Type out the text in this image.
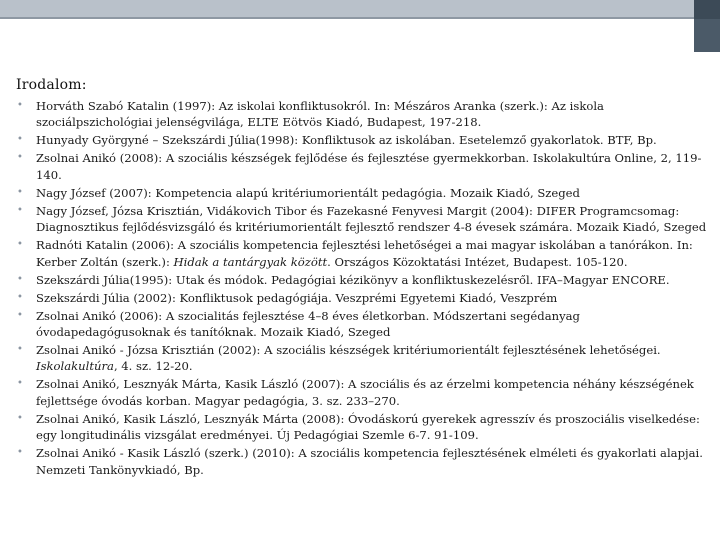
Irodalom:
• Horváth Szabó Katalin (1997): Az iskolai konfliktusokról. In: Mészáros Aranka (szerk.): Az iskola szociálpszichológiai jelenségvilága, ELTE Eötvös Kiadó, Budapest, 197-218.
• Hunyady Györgyné – Szekszárdi Júlia(1998): Konfliktusok az iskolában. Esetelemző gyakorlatok. BTF, Bp.
• Zsolnai Anikó (2008): A szociális készségek fejlődése és fejlesztése gyermekkorban. Iskolakultúra Online, 2, 119-140.
• Nagy József (2007): Kompetencia alapú kritériumorientált pedagógia. Mozaik Kiadó, Szeged
• Nagy József, Józsa Krisztián, Vidákovich Tibor és Fazekasné Fenyvesi Margit (2004): DIFER Programcsomag: Diagnosztikus fejlődésvizsgáló és kritériumorientált fejlesztő rendszer 4-8 évesek számára. Mozaik Kiadó, Szeged
• Radnóti Katalin (2006): A szociális kompetencia fejlesztési lehetőségei a mai magyar iskolában a tanórákon. In: Kerber Zoltán (szerk.): Hidak a tantárgyak között. Országos Közoktatási Intézet, Budapest. 105-120.
• Szekszárdi Júlia(1995): Utak és módok. Pedagógiai kézikönyv a konfliktuskezelésről. IFA–Magyar ENCORE.
• Szekszárdi Júlia (2002): Konfliktusok pedagógiája. Veszprémi Egyetemi Kiadó, Veszprém
• Zsolnai Anikó (2006): A szocialitás fejlesztése 4–8 éves életkorban. Módszertani segédanyag óvodapedagógusoknak és tanítóknak. Mozaik Kiadó, Szeged
• Zsolnai Anikó - Józsa Krisztián (2002): A szociális készségek kritériumorientált fejlesztésének lehetőségei. Iskolakultúra, 4. sz. 12-20.
• Zsolnai Anikó, Lesznyák Márta, Kasik László (2007): A szociális és az érzelmi kompetencia néhány készségének fejlettsége óvodás korban. Magyar pedagógia, 3. sz. 233–270.
• Zsolnai Anikó, Kasik László, Lesznyák Márta (2008): Óvodáskorú gyerekek agresszív és proszociális viselkedése: egy longitudinális vizsgálat eredményei. Új Pedagógiai Szemle 6-7. 91-109.
• Zsolnai Anikó - Kasik László (szerk.) (2010): A szociális kompetencia fejlesztésének elméleti és gyakorlati alapjai. Nemzeti Tankönyvkiadó, Bp.
